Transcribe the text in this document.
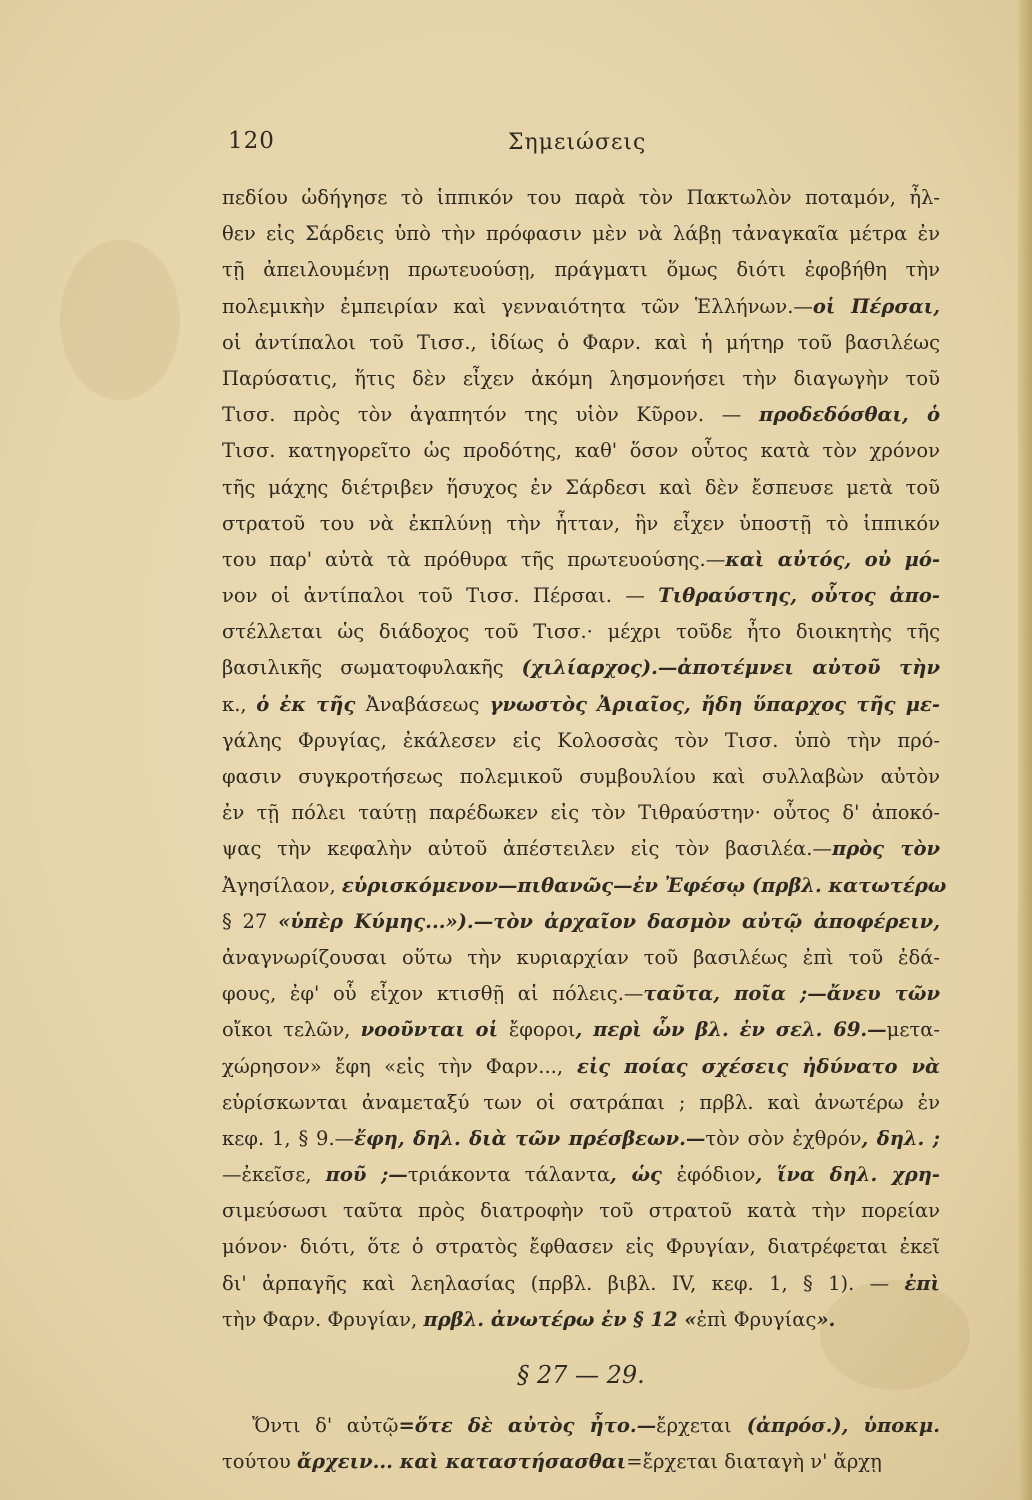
120	Σημειώσεις
πεδίου ὡδήγησε τὸ ἱππικόν του παρὰ τὸν Πακτωλὸν ποταμόν, ἦλ-
θεν εἰς Σάρδεις ὑπὸ τὴν πρόφασιν μὲν νὰ λάβῃ τἀναγκαῖα μέτρα ἐν
τῇ ἀπειλουμένῃ πρωτευούσῃ, πράγματι ὅμως διότι ἐφοβήθη τὴν
πολεμικὴν ἐμπειρίαν καὶ γενναιότητα τῶν Ἑλλήνων.—οἱ Πέρσαι,
οἱ ἀντίπαλοι τοῦ Τισσ., ἰδίως ὁ Φαρν. καὶ ἡ μήτηρ τοῦ βασιλέως
Παρύσατις, ἥτις δὲν εἶχεν ἀκόμη λησμονήσει τὴν διαγωγὴν τοῦ
Τισσ. πρὸς τὸν ἀγαπητόν της υἱὸν Κῦρον. — προδεδόσθαι, ὁ
Τισσ. κατηγορεῖτο ὡς προδότης, καθ' ὅσον οὗτος κατὰ τὸν χρόνον
τῆς μάχης διέτριβεν ἥσυχος ἐν Σάρδεσι καὶ δὲν ἔσπευσε μετὰ τοῦ
στρατοῦ του νὰ ἐκπλύνῃ τὴν ἧτταν, ἣν εἶχεν ὑποστῇ τὸ ἱππικόν
του παρ' αὐτὰ τὰ πρόθυρα τῆς πρωτευούσης.—καὶ αὐτός, οὐ μό-
νον οἱ ἀντίπαλοι τοῦ Τισσ. Πέρσαι. — Τιθραύστης, οὗτος ἀπο-
στέλλεται ὡς διάδοχος τοῦ Τισσ.· μέχρι τοῦδε ἦτο διοικητὴς τῆς
βασιλικῆς σωματοφυλακῆς (χιλίαρχος).—ἀποτέμνει αὐτοῦ τὴν
κ., ὁ ἐκ τῆς Ἀναβάσεως γνωστὸς Ἀριαῖος, ἤδη ὕπαρχος τῆς με-
γάλης Φρυγίας, ἐκάλεσεν εἰς Κολοσσὰς τὸν Τισσ. ὑπὸ τὴν πρό-
φασιν συγκροτήσεως πολεμικοῦ συμβουλίου καὶ συλλαβὼν αὐτὸν
ἐν τῇ πόλει ταύτῃ παρέδωκεν εἰς τὸν Τιθραύστην· οὗτος δ' ἀποκό-
ψας τὴν κεφαλὴν αὐτοῦ ἀπέστειλεν εἰς τὸν βασιλέα.—πρὸς τὸν
Ἀγησίλαον, εὑρισκόμενον—πιθανῶς—ἐν Ἐφέσῳ (πρβλ. κατωτέρω
§ 27 «ὑπὲρ Κύμης...»).—τὸν ἀρχαῖον δασμὸν αὐτῷ ἀποφέρειν,
ἀναγνωρίζουσαι οὕτω τὴν κυριαρχίαν τοῦ βασιλέως ἐπὶ τοῦ ἐδά-
φους, ἐφ' οὗ εἶχον κτισθῇ αἱ πόλεις.—ταῦτα, ποῖα ;—ἄνευ τῶν
οἴκοι τελῶν, νοοῦνται οἱ ἔφοροι, περὶ ὧν βλ. ἐν σελ. 69.—μετα-
χώρησον» ἔφη «εἰς τὴν Φαρν..., εἰς ποίας σχέσεις ἠδύνατο νὰ
εὑρίσκωνται ἀναμεταξύ των οἱ σατράπαι ; πρβλ. καὶ ἀνωτέρω ἐν
κεφ. 1, § 9.—ἔφη, δηλ. διὰ τῶν πρέσβεων.—τὸν σὸν ἐχθρόν, δηλ. ;
—ἐκεῖσε, ποῦ ;—τριάκοντα τάλαντα, ὡς ἐφόδιον, ἵνα δηλ. χρη-
σιμεύσωσι ταῦτα πρὸς διατροφὴν τοῦ στρατοῦ κατὰ τὴν πορείαν
μόνον· διότι, ὅτε ὁ στρατὸς ἔφθασεν εἰς Φρυγίαν, διατρέφεται ἐκεῖ
δι' ἁρπαγῆς καὶ λεηλασίας (πρβλ. βιβλ. IV, κεφ. 1, § 1). — ἐπὶ
τὴν Φαρν. Φρυγίαν, πρβλ. ἀνωτέρω ἐν § 12 «ἐπὶ Φρυγίας».
§ 27 — 29.
Ὄντι δ' αὐτῷ=ὅτε δὲ αὐτὸς ἦτο.—ἔρχεται (ἀπρόσ.), ὑποκμ.
τούτου ἄρχειν... καὶ καταστήσασθαι=ἔρχεται διαταγὴ ν' ἄρχῃ
